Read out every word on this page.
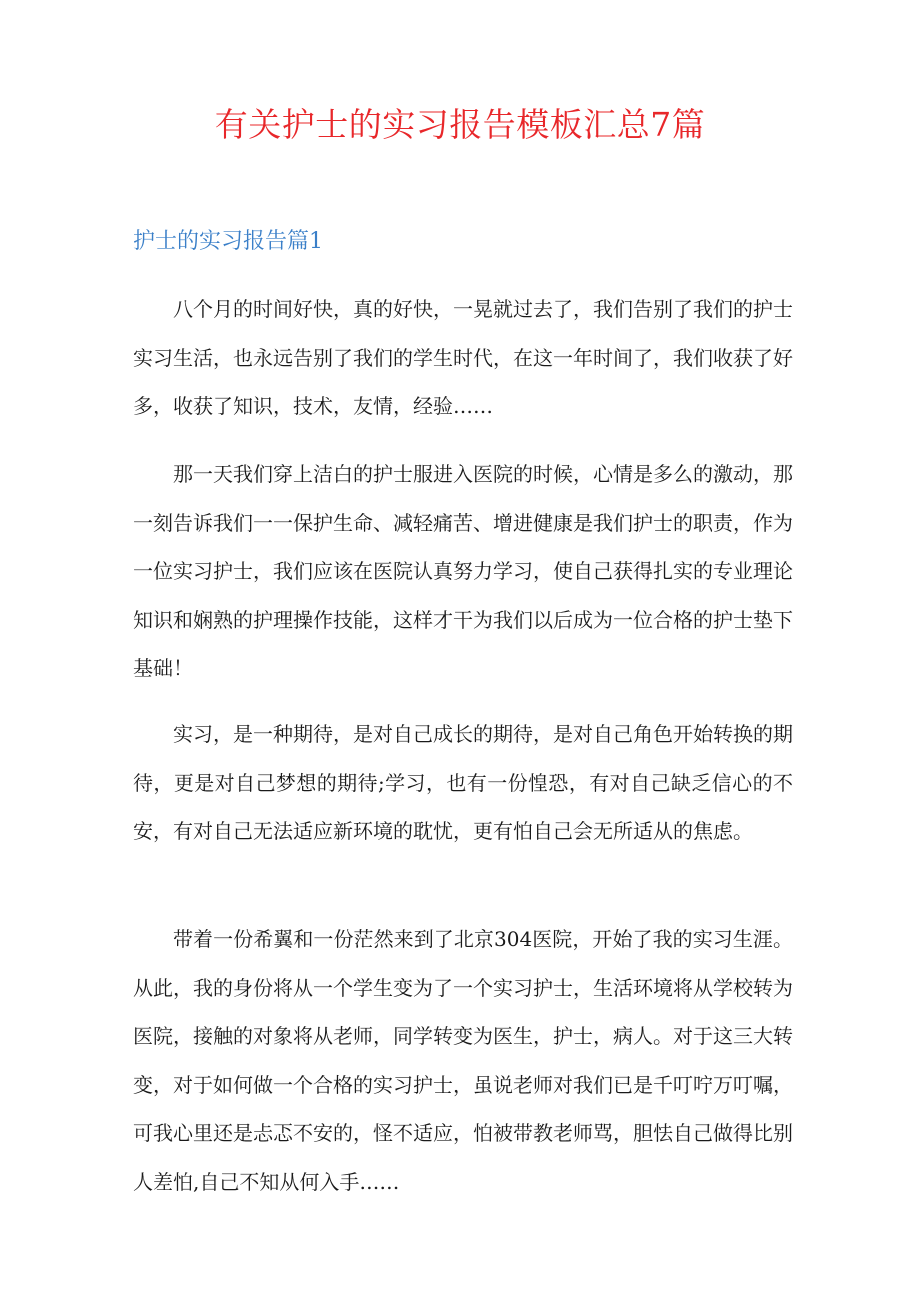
有关护士的实习报告模板汇总7篇
护士的实习报告篇1

八个月的时间好快，真的好快，一晃就过去了，我们告别了我们的护士实习生活，也永远告别了我们的学生时代，在这一年时间了，我们收获了好多，收获了知识，技术，友情，经验……

那一天我们穿上洁白的护士服进入医院的时候，心情是多么的激动，那一刻告诉我们一一保护生命、减轻痛苦、增进健康是我们护士的职责，作为一位实习护士，我们应该在医院认真努力学习，使自己获得扎实的专业理论知识和娴熟的护理操作技能，这样才干为我们以后成为一位合格的护士垫下基础！

实习，是一种期待，是对自己成长的期待，是对自己角色开始转换的期待，更是对自己梦想的期待;学习，也有一份惶恐，有对自己缺乏信心的不安，有对自己无法适应新环境的耽忧，更有怕自己会无所适从的焦虑。

带着一份希翼和一份茫然来到了北京304医院，开始了我的实习生涯。从此，我的身份将从一个学生变为了一个实习护士，生活环境将从学校转为医院，接触的对象将从老师，同学转变为医生，护士，病人。对于这三大转变，对于如何做一个合格的实习护士，虽说老师对我们已是千叮咛万叮嘱，可我心里还是忐忑不安的，怪不适应，怕被带教老师骂，胆怯自己做得比别人差怕,自己不知从何入手……
